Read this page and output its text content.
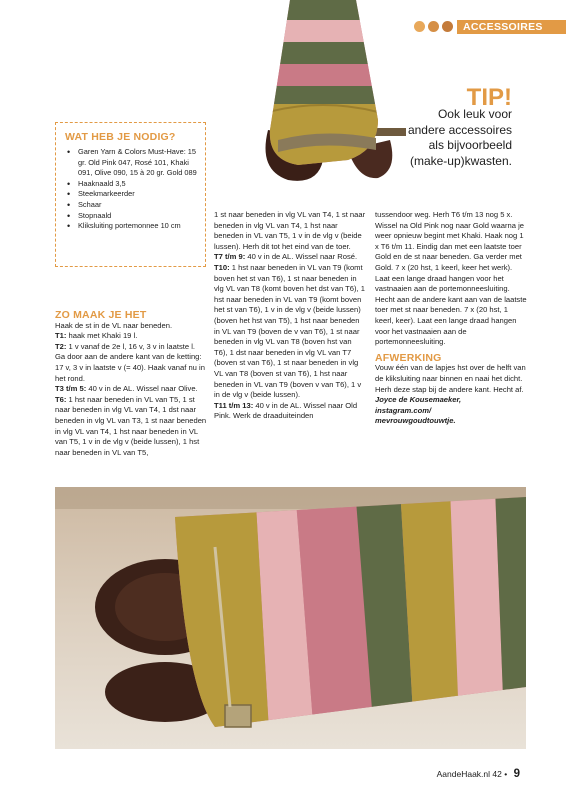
ACCESSOIRES
TIP!
Ook leuk voor
andere accessoires
als bijvoorbeeld
(make-up)kwasten.
WAT HEB JE NODIG?
• Garen Yarn & Colors Must-Have: 15 gr. Old Pink 047, Rosé 101, Khaki 091, Olive 090, 15 à 20 gr. Gold 089
• Haaknaald 3,5
• Steekmarkeerder
• Schaar
• Stopnaald
• Kliksluiting portemonnee 10 cm
ZO MAAK JE HET

Haak de st in de VL naar beneden.

T1: haak met Khaki 19 l.

T2: 1 v vanaf de 2e l, 16 v, 3 v in laatste l. Ga door aan de andere kant van de ketting: 17 v, 3 v in laatste v (= 40). Haak vanaf nu in het rond.

T3 t/m 5: 40 v in de AL. Wissel naar Olive.

T6: 1 hst naar beneden in VL van T5, 1 st naar beneden in vlg VL van T4, 1 dst naar beneden in vlg VL van T3, 1 st naar beneden in vlg VL van T4, 1 hst naar beneden in VL van T5, 1 v in de vlg v (beide lussen), 1 hst naar beneden in VL van T5,

1 st naar beneden in vlg VL van T4, 1 st naar beneden in vlg VL van T4, 1 hst naar beneden in VL van T5, 1 v in de vlg v (beide lussen). Herh dit tot het eind van de toer.

T7 t/m 9: 40 v in de AL. Wissel naar Rosé.

T10: 1 hst naar beneden in VL van T9 (komt boven het st van T6), 1 st naar beneden in vlg VL van T8 (komt boven het dst van T6), 1 hst naar beneden in VL van T9 (komt boven het st van T6), 1 v in de vlg v (beide lussen) (boven het hst van T5), 1 hst naar beneden in VL van T9 (boven de v van T6), 1 st naar beneden in vlg VL van T8 (boven hst van T6), 1 dst naar beneden in vlg VL van T7 (boven st van T6), 1 st naar beneden in vlg VL van T8 (boven st van T6), 1 hst naar beneden in VL van T9 (boven v van T6), 1 v in de vlg v (beide lussen).

T11 t/m 13: 40 v in de AL. Wissel naar Old Pink. Werk de draaduiteinden

tussendoor weg. Herh T6 t/m 13 nog 5 x. Wissel na Old Pink nog naar Gold waarna je weer opnieuw begint met Khaki. Haak nog 1 x T6 t/m 11. Eindig dan met een laatste toer Gold en de st naar beneden. Ga verder met Gold. 7 x (20 hst, 1 keerl, keer het werk). Laat een lange draad hangen voor het vastnaaien aan de portemonneesluiting. Hecht aan de andere kant aan van de laatste toer met st naar beneden. 7 x (20 hst, 1 keerl, keer). Laat een lange draad hangen voor het vastnaaien aan de portemonneesluiting.

AFWERKING

Vouw één van de lapjes hst over de helft van de kliksluiting naar binnen en naai het dicht. Herh deze stap bij de andere kant. Hecht af.

Joyce de Kousemaeker,
instagram.com/
mevrouwgoudtouwtje.

AandeHaak.nl 42 • 9
